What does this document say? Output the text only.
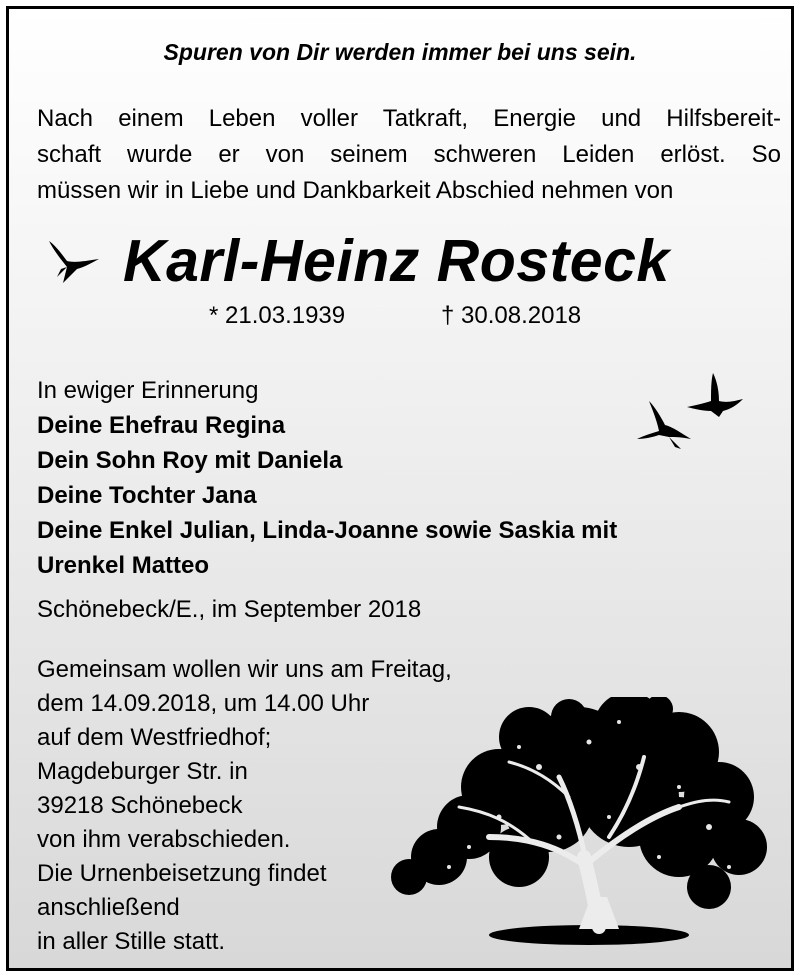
Spuren von Dir werden immer bei uns sein.
Nach einem Leben voller Tatkraft, Energie und Hilfsbereit-
schaft wurde er von seinem schweren Leiden erlöst. So
müssen wir in Liebe und Dankbarkeit Abschied nehmen von
Karl-Heinz Rosteck
* 21.03.1939	† 30.08.2018
In ewiger Erinnerung
Deine Ehefrau Regina
Dein Sohn Roy mit Daniela
Deine Tochter Jana
Deine Enkel Julian, Linda-Joanne sowie Saskia mit
Urenkel Matteo
Schönebeck/E., im September 2018
Gemeinsam wollen wir uns am Freitag,
dem 14.09.2018, um 14.00 Uhr
auf dem Westfriedhof;
Magdeburger Str. in
39218 Schönebeck
von ihm verabschieden.
Die Urnenbeisetzung findet
anschließend
in aller Stille statt.
